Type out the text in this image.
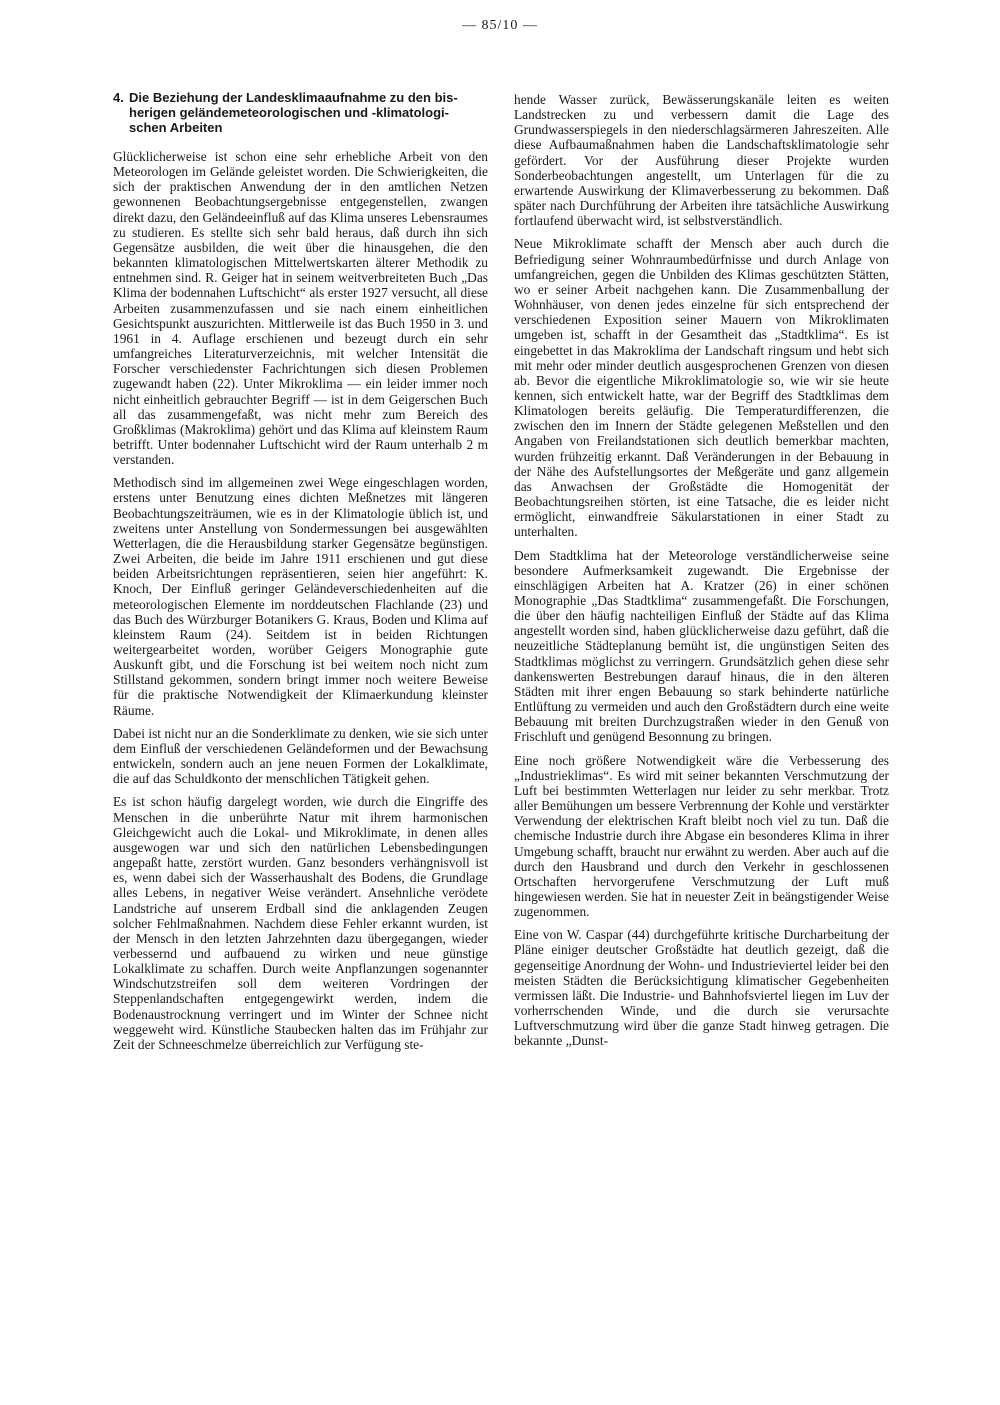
— 85/10 —
4. Die Beziehung der Landesklimaaufnahme zu den bis-
herigen geländemeteorologischen und -klimatologi-
schen Arbeiten

Glücklicherweise ist schon eine sehr erhebliche Arbeit von den Meteorologen im Gelände geleistet worden. Die Schwierigkeiten, die sich der praktischen Anwendung der in den amtlichen Netzen gewonnenen Beobachtungsergebnisse entgegenstellen, zwangen direkt dazu, den Geländeeinfluß auf das Klima unseres Lebensraumes zu studieren. Es stellte sich sehr bald heraus, daß durch ihn sich Gegensätze ausbilden, die weit über die hinausgehen, die den bekannten klimatologischen Mittelwertskarten älterer Methodik zu entnehmen sind. R. Geiger hat in seinem weitverbreiteten Buch „Das Klima der bodennahen Luftschicht“ als erster 1927 versucht, all diese Arbeiten zusammenzufassen und sie nach einem einheitlichen Gesichtspunkt auszurichten. Mittlerweile ist das Buch 1950 in 3. und 1961 in 4. Auflage erschienen und bezeugt durch ein sehr umfangreiches Literaturverzeichnis, mit welcher Intensität die Forscher verschiedenster Fachrichtungen sich diesen Problemen zugewandt haben (22). Unter Mikroklima — ein leider immer noch nicht einheitlich gebrauchter Begriff — ist in dem Geigerschen Buch all das zusammengefaßt, was nicht mehr zum Bereich des Großklimas (Makroklima) gehört und das Klima auf kleinstem Raum betrifft. Unter bodennaher Luftschicht wird der Raum unterhalb 2 m verstanden.

Methodisch sind im allgemeinen zwei Wege eingeschlagen worden, erstens unter Benutzung eines dichten Meßnetzes mit längeren Beobachtungszeiträumen, wie es in der Klimatologie üblich ist, und zweitens unter Anstellung von Sondermessungen bei ausgewählten Wetterlagen, die die Herausbildung starker Gegensätze begünstigen. Zwei Arbeiten, die beide im Jahre 1911 erschienen und gut diese beiden Arbeitsrichtungen repräsentieren, seien hier angeführt: K. Knoch, Der Einfluß geringer Geländeverschiedenheiten auf die meteorologischen Elemente im norddeutschen Flachlande (23) und das Buch des Würzburger Botanikers G. Kraus, Boden und Klima auf kleinstem Raum (24). Seitdem ist in beiden Richtungen weitergearbeitet worden, worüber Geigers Monographie gute Auskunft gibt, und die Forschung ist bei weitem noch nicht zum Stillstand gekommen, sondern bringt immer noch weitere Beweise für die praktische Notwendigkeit der Klimaerkundung kleinster Räume.

Dabei ist nicht nur an die Sonderklimate zu denken, wie sie sich unter dem Einfluß der verschiedenen Geländeformen und der Bewachsung entwickeln, sondern auch an jene neuen Formen der Lokalklimate, die auf das Schuldkonto der menschlichen Tätigkeit gehen.

Es ist schon häufig dargelegt worden, wie durch die Eingriffe des Menschen in die unberührte Natur mit ihrem harmonischen Gleichgewicht auch die Lokal- und Mikroklimate, in denen alles ausgewogen war und sich den natürlichen Lebensbedingungen angepaßt hatte, zerstört wurden. Ganz besonders verhängnisvoll ist es, wenn dabei sich der Wasserhaushalt des Bodens, die Grundlage alles Lebens, in negativer Weise verändert. Ansehnliche verödete Landstriche auf unserem Erdball sind die anklagenden Zeugen solcher Fehlmaßnahmen. Nachdem diese Fehler erkannt wurden, ist der Mensch in den letzten Jahrzehnten dazu übergegangen, wieder verbessernd und aufbauend zu wirken und neue günstige Lokalklimate zu schaffen. Durch weite Anpflanzungen sogenannter Windschutzstreifen soll dem weiteren Vordringen der Steppenlandschaften entgegengewirkt werden, indem die Bodenaustrocknung verringert und im Winter der Schnee nicht weggeweht wird. Künstliche Staubecken halten das im Frühjahr zur Zeit der Schneeschmelze überreichlich zur Verfügung ste-

hende Wasser zurück, Bewässerungskanäle leiten es weiten Landstrecken zu und verbessern damit die Lage des Grundwasserspiegels in den niederschlagsärmeren Jahreszeiten. Alle diese Aufbaumaßnahmen haben die Landschaftsklimatologie sehr gefördert. Vor der Ausführung dieser Projekte wurden Sonderbeobachtungen angestellt, um Unterlagen für die zu erwartende Auswirkung der Klimaverbesserung zu bekommen. Daß später nach Durchführung der Arbeiten ihre tatsächliche Auswirkung fortlaufend überwacht wird, ist selbstverständlich.

Neue Mikroklimate schafft der Mensch aber auch durch die Befriedigung seiner Wohnraumbedürfnisse und durch Anlage von umfangreichen, gegen die Unbilden des Klimas geschützten Stätten, wo er seiner Arbeit nachgehen kann. Die Zusammenballung der Wohnhäuser, von denen jedes einzelne für sich entsprechend der verschiedenen Exposition seiner Mauern von Mikroklimaten umgeben ist, schafft in der Gesamtheit das „Stadtklima“. Es ist eingebettet in das Makroklima der Landschaft ringsum und hebt sich mit mehr oder minder deutlich ausgesprochenen Grenzen von diesen ab. Bevor die eigentliche Mikroklimatologie so, wie wir sie heute kennen, sich entwickelt hatte, war der Begriff des Stadtklimas dem Klimatologen bereits geläufig. Die Temperaturdifferenzen, die zwischen den im Innern der Städte gelegenen Meßstellen und den Angaben von Freilandstationen sich deutlich bemerkbar machten, wurden frühzeitig erkannt. Daß Veränderungen in der Bebauung in der Nähe des Aufstellungsortes der Meßgeräte und ganz allgemein das Anwachsen der Großstädte die Homogenität der Beobachtungsreihen störten, ist eine Tatsache, die es leider nicht ermöglicht, einwandfreie Säkularstationen in einer Stadt zu unterhalten.

Dem Stadtklima hat der Meteorologe verständlicherweise seine besondere Aufmerksamkeit zugewandt. Die Ergebnisse der einschlägigen Arbeiten hat A. Kratzer (26) in einer schönen Monographie „Das Stadtklima“ zusammengefaßt. Die Forschungen, die über den häufig nachteiligen Einfluß der Städte auf das Klima angestellt worden sind, haben glücklicherweise dazu geführt, daß die neuzeitliche Städteplanung bemüht ist, die ungünstigen Seiten des Stadtklimas möglichst zu verringern. Grundsätzlich gehen diese sehr dankenswerten Bestrebungen darauf hinaus, die in den älteren Städten mit ihrer engen Bebauung so stark behinderte natürliche Entlüftung zu vermeiden und auch den Großstädtern durch eine weite Bebauung mit breiten Durchzugstraßen wieder in den Genuß von Frischluft und genügend Besonnung zu bringen.

Eine noch größere Notwendigkeit wäre die Verbesserung des „Industrieklimas“. Es wird mit seiner bekannten Verschmutzung der Luft bei bestimmten Wetterlagen nur leider zu sehr merkbar. Trotz aller Bemühungen um bessere Verbrennung der Kohle und verstärkter Verwendung der elektrischen Kraft bleibt noch viel zu tun. Daß die chemische Industrie durch ihre Abgase ein besonderes Klima in ihrer Umgebung schafft, braucht nur erwähnt zu werden. Aber auch auf die durch den Hausbrand und durch den Verkehr in geschlossenen Ortschaften hervorgerufene Verschmutzung der Luft muß hingewiesen werden. Sie hat in neuester Zeit in beängstigender Weise zugenommen.

Eine von W. Caspar (44) durchgeführte kritische Durcharbeitung der Pläne einiger deutscher Großstädte hat deutlich gezeigt, daß die gegenseitige Anordnung der Wohn- und Industrieviertel leider bei den meisten Städten die Berücksichtigung klimatischer Gegebenheiten vermissen läßt. Die Industrie- und Bahnhofsviertel liegen im Luv der vorherrschenden Winde, und die durch sie verursachte Luftverschmutzung wird über die ganze Stadt hinweg getragen. Die bekannte „Dunst-
